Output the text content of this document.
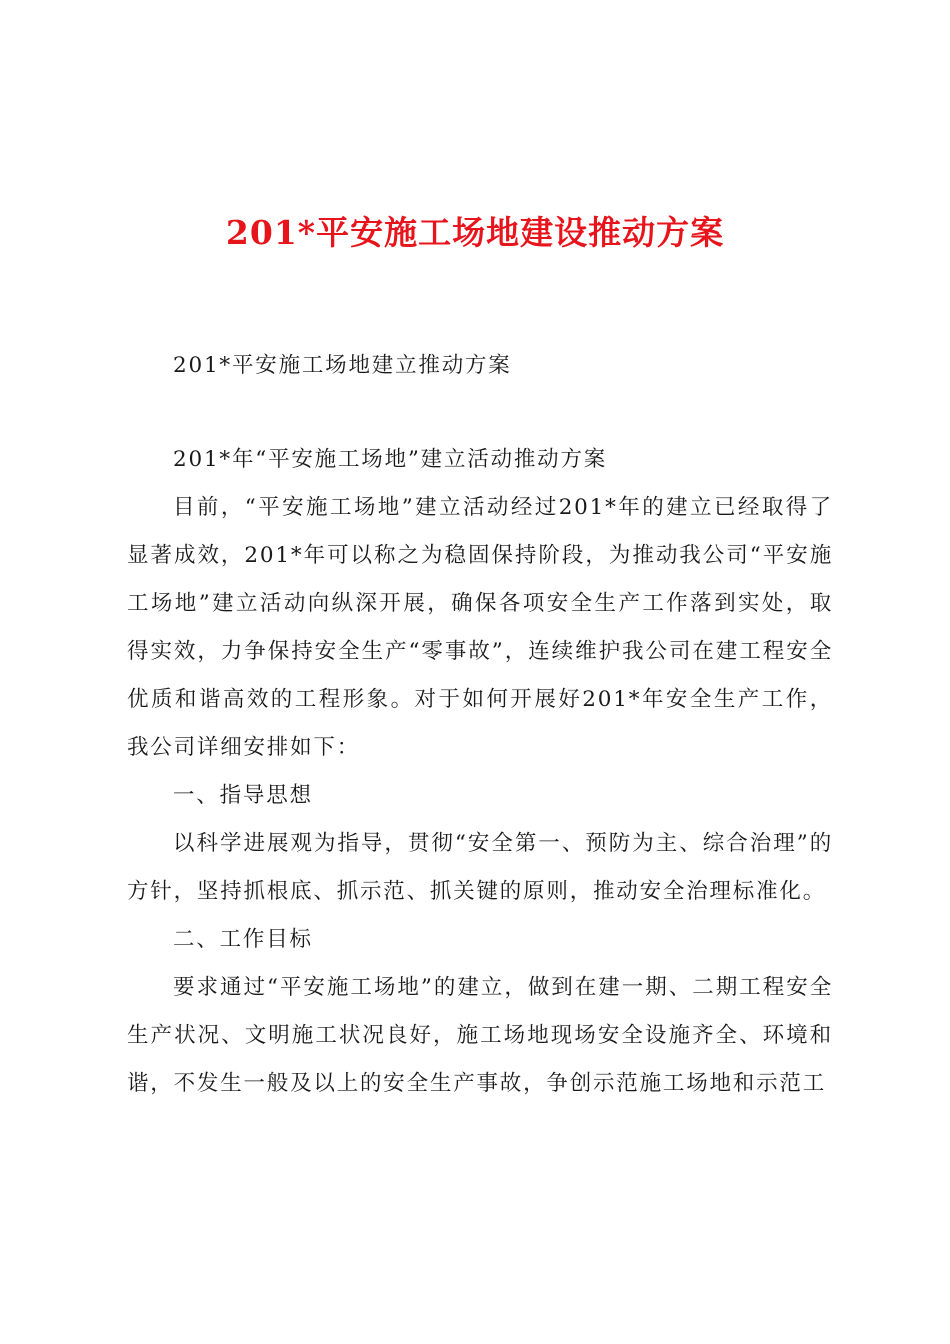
201*平安施工场地建设推动方案

201*平安施工场地建立推动方案

201*年“平安施工场地”建立活动推动方案

目前，“平安施工场地”建立活动经过201*年的建立已经取得了显著成效，201*年可以称之为稳固保持阶段，为推动我公司“平安施工场地”建立活动向纵深开展，确保各项安全生产工作落到实处，取得实效，力争保持安全生产“零事故”，连续维护我公司在建工程安全优质和谐高效的工程形象。对于如何开展好201*年安全生产工作，我公司详细安排如下：

一、指导思想

以科学进展观为指导，贯彻“安全第一、预防为主、综合治理”的方针，坚持抓根底、抓示范、抓关键的原则，推动安全治理标准化。

二、工作目标

要求通过“平安施工场地”的建立，做到在建一期、二期工程安全生产状况、文明施工状况良好，施工场地现场安全设施齐全、环境和谐，不发生一般及以上的安全生产事故，争创示范施工场地和示范工
